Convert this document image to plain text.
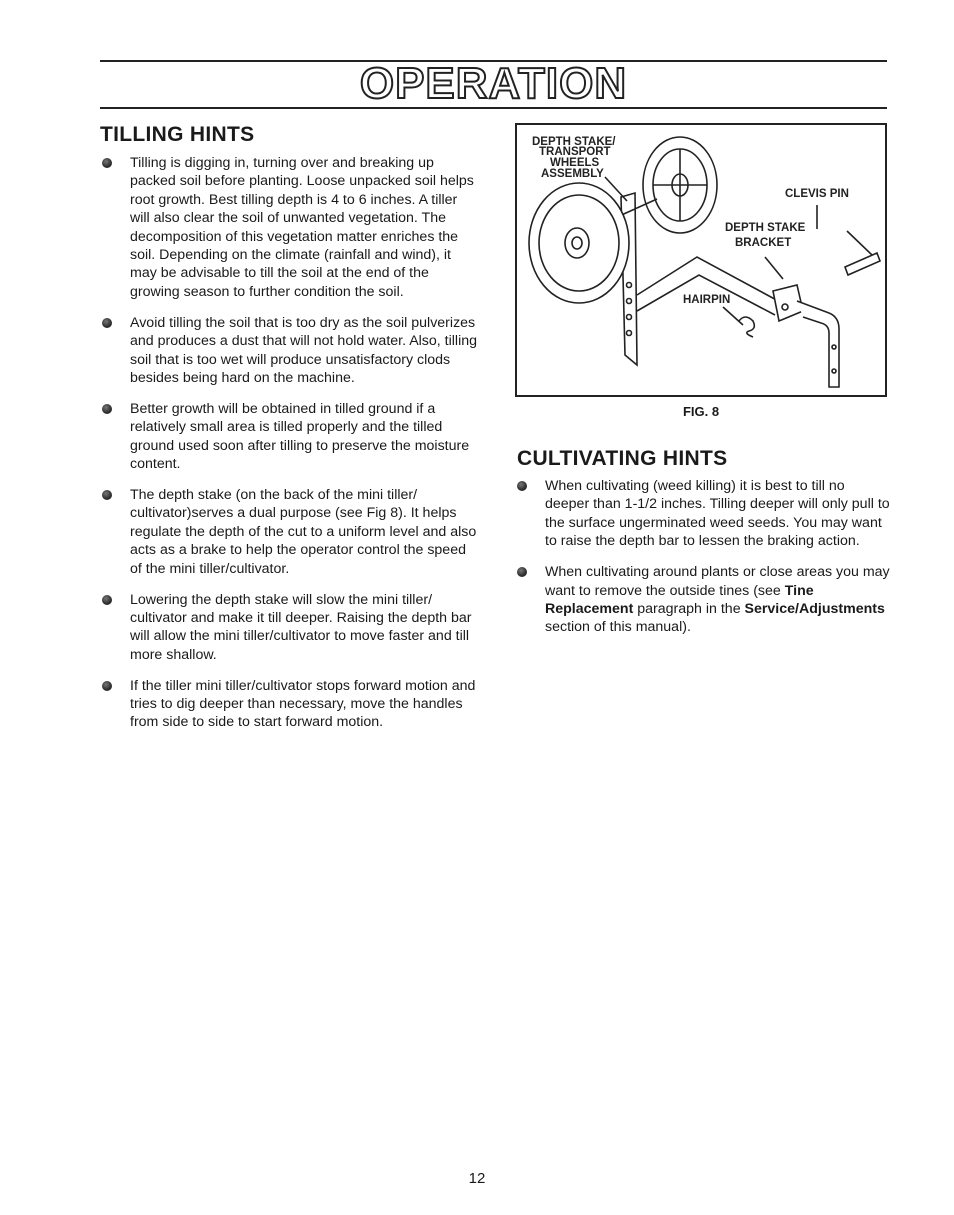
OPERATION
TILLING HINTS
Tilling is digging in, turning over and breaking up packed soil before planting. Loose unpacked soil helps root growth. Best tilling depth is 4 to 6 inches. A tiller will also clear the soil of unwanted vegetation. The decomposition of this vegetation matter enriches the soil. Depending on the climate (rainfall and wind), it may be advisable to till the soil at the end of the growing season to further condition the soil.
Avoid tilling the soil that is too dry as the soil pulverizes and produces a dust that will not hold water. Also, tilling soil that is too wet will produce unsatisfactory clods besides being hard on the machine.
Better growth will be obtained in tilled ground if a relatively small area is tilled properly and the tilled ground used soon after tilling to preserve the moisture content.
The depth stake (on the back of the mini tiller/ cultivator)serves a dual purpose (see Fig 8). It helps regulate the depth of the cut to a uniform level and also acts as a brake to help the operator control the speed of the mini tiller/cultivator.
Lowering the depth stake will slow the mini tiller/ cultivator and make it till deeper. Raising the depth bar will allow the mini tiller/cultivator to move faster and till more shallow.
If the tiller mini tiller/cultivator stops forward motion and tries to dig deeper than necessary, move the handles from side to side to start forward motion.
DEPTH STAKE/
TRANSPORT
WHEELS
ASSEMBLY
CLEVIS PIN
DEPTH STAKE
BRACKET
HAIRPIN
FIG. 8
CULTIVATING HINTS
When cultivating (weed killing) it is best to till no deeper than 1-1/2 inches. Tilling deeper will only pull to the surface ungerminated weed seeds. You may want to raise the depth bar to lessen the braking action.
When cultivating around plants or close areas you may want to remove the outside tines (see Tine Replacement paragraph in the Service/Adjustments section of this manual).
12
